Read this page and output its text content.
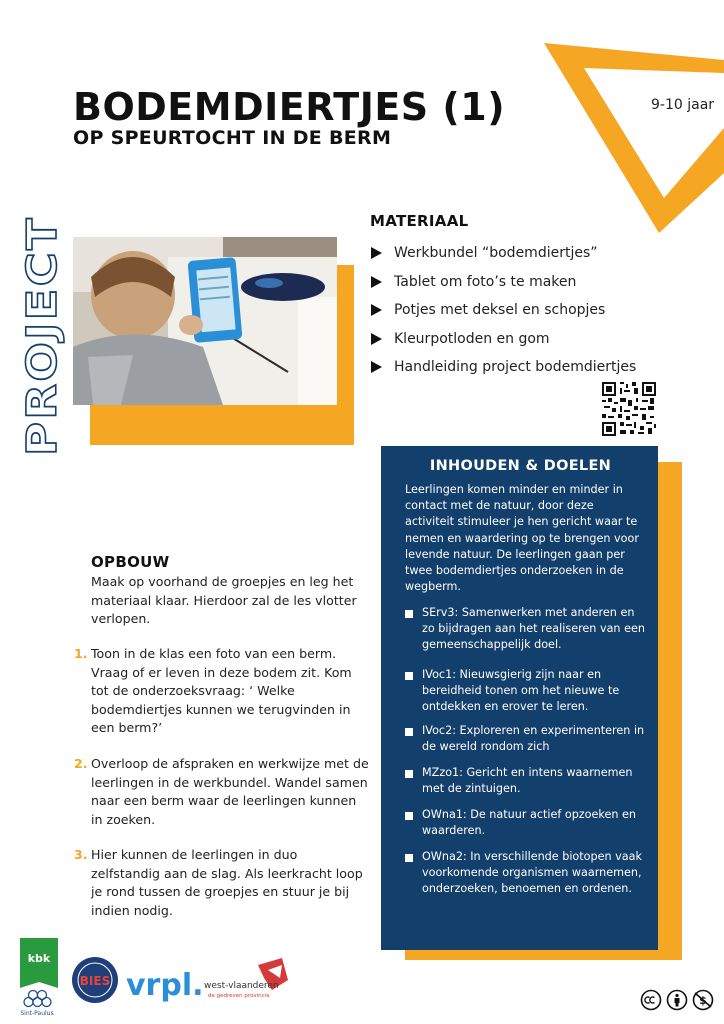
9-10 jaar
BODEMDIERTJES (1)
OP SPEURTOCHT IN DE BERM
PROJECT
MATERIAAL
Werkbundel “bodemdiertjes”
Tablet om foto’s te maken
Potjes met deksel en schopjes
Kleurpotloden en gom
Handleiding project bodemdiertjes
INHOUDEN & DOELEN

Leerlingen komen minder en minder in contact met de natuur, door deze activiteit stimuleer je hen gericht waar te nemen en waardering op te brengen voor levende natuur. De leerlingen gaan per twee bodemdiertjes onderzoeken in de wegberm.

SErv3: Samenwerken met anderen en zo bijdragen aan het realiseren van een gemeenschappelijk doel.
IVoc1: Nieuwsgierig zijn naar en bereidheid tonen om het nieuwe te ontdekken en erover te leren.
IVoc2: Exploreren en experimenteren in de wereld rondom zich
MZzo1: Gericht en intens waarnemen met de zintuigen.
OWna1: De natuur actief opzoeken en waarderen.
OWna2: In verschillende biotopen vaak voorkomende organismen waarnemen, onderzoeken, benoemen en ordenen.
OPBOUW

Maak op voorhand de groepjes en leg het materiaal klaar. Hierdoor zal de les vlotter verlopen.

1. Toon in de klas een foto van een berm. Vraag of er leven in deze bodem zit. Kom tot de onderzoeksvraag: ‘ Welke bodemdiertjes kunnen we terugvinden in een berm?’
2. Overloop de afspraken en werkwijze met de leerlingen in de werkbundel. Wandel samen naar een berm waar de leerlingen kunnen in zoeken.
3. Hier kunnen de leerlingen in duo zelfstandig aan de slag. Als leerkracht loop je rond tussen de groepjes en stuur je bij indien nodig.
kbk
Sint-Paulus
BIES vrpl. west-vlaanderen
de gedreven provincie	$
